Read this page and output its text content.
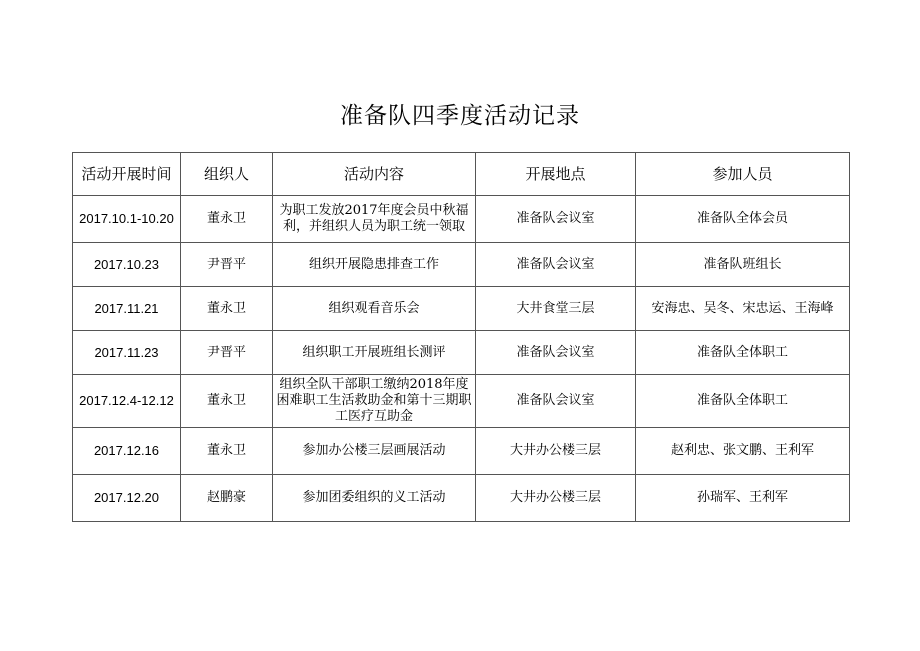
准备队四季度活动记录
活动开展时间	组织人	活动内容	开展地点	参加人员
2017.10.1-10.20	董永卫	为职工发放2017年度会员中秋福利，并组织人员为职工统一领取	准备队会议室	准备队全体会员
2017.10.23	尹晋平	组织开展隐患排查工作	准备队会议室	准备队班组长
2017.11.21	董永卫	组织观看音乐会	大井食堂三层	安海忠、吴冬、宋忠运、王海峰
2017.11.23	尹晋平	组织职工开展班组长测评	准备队会议室	准备队全体职工
2017.12.4-12.12	董永卫	组织全队干部职工缴纳2018年度困难职工生活救助金和第十三期职工医疗互助金	准备队会议室	准备队全体职工
2017.12.16	董永卫	参加办公楼三层画展活动	大井办公楼三层	赵利忠、张文鹏、王利军
2017.12.20	赵鹏豪	参加团委组织的义工活动	大井办公楼三层	孙瑞军、王利军
